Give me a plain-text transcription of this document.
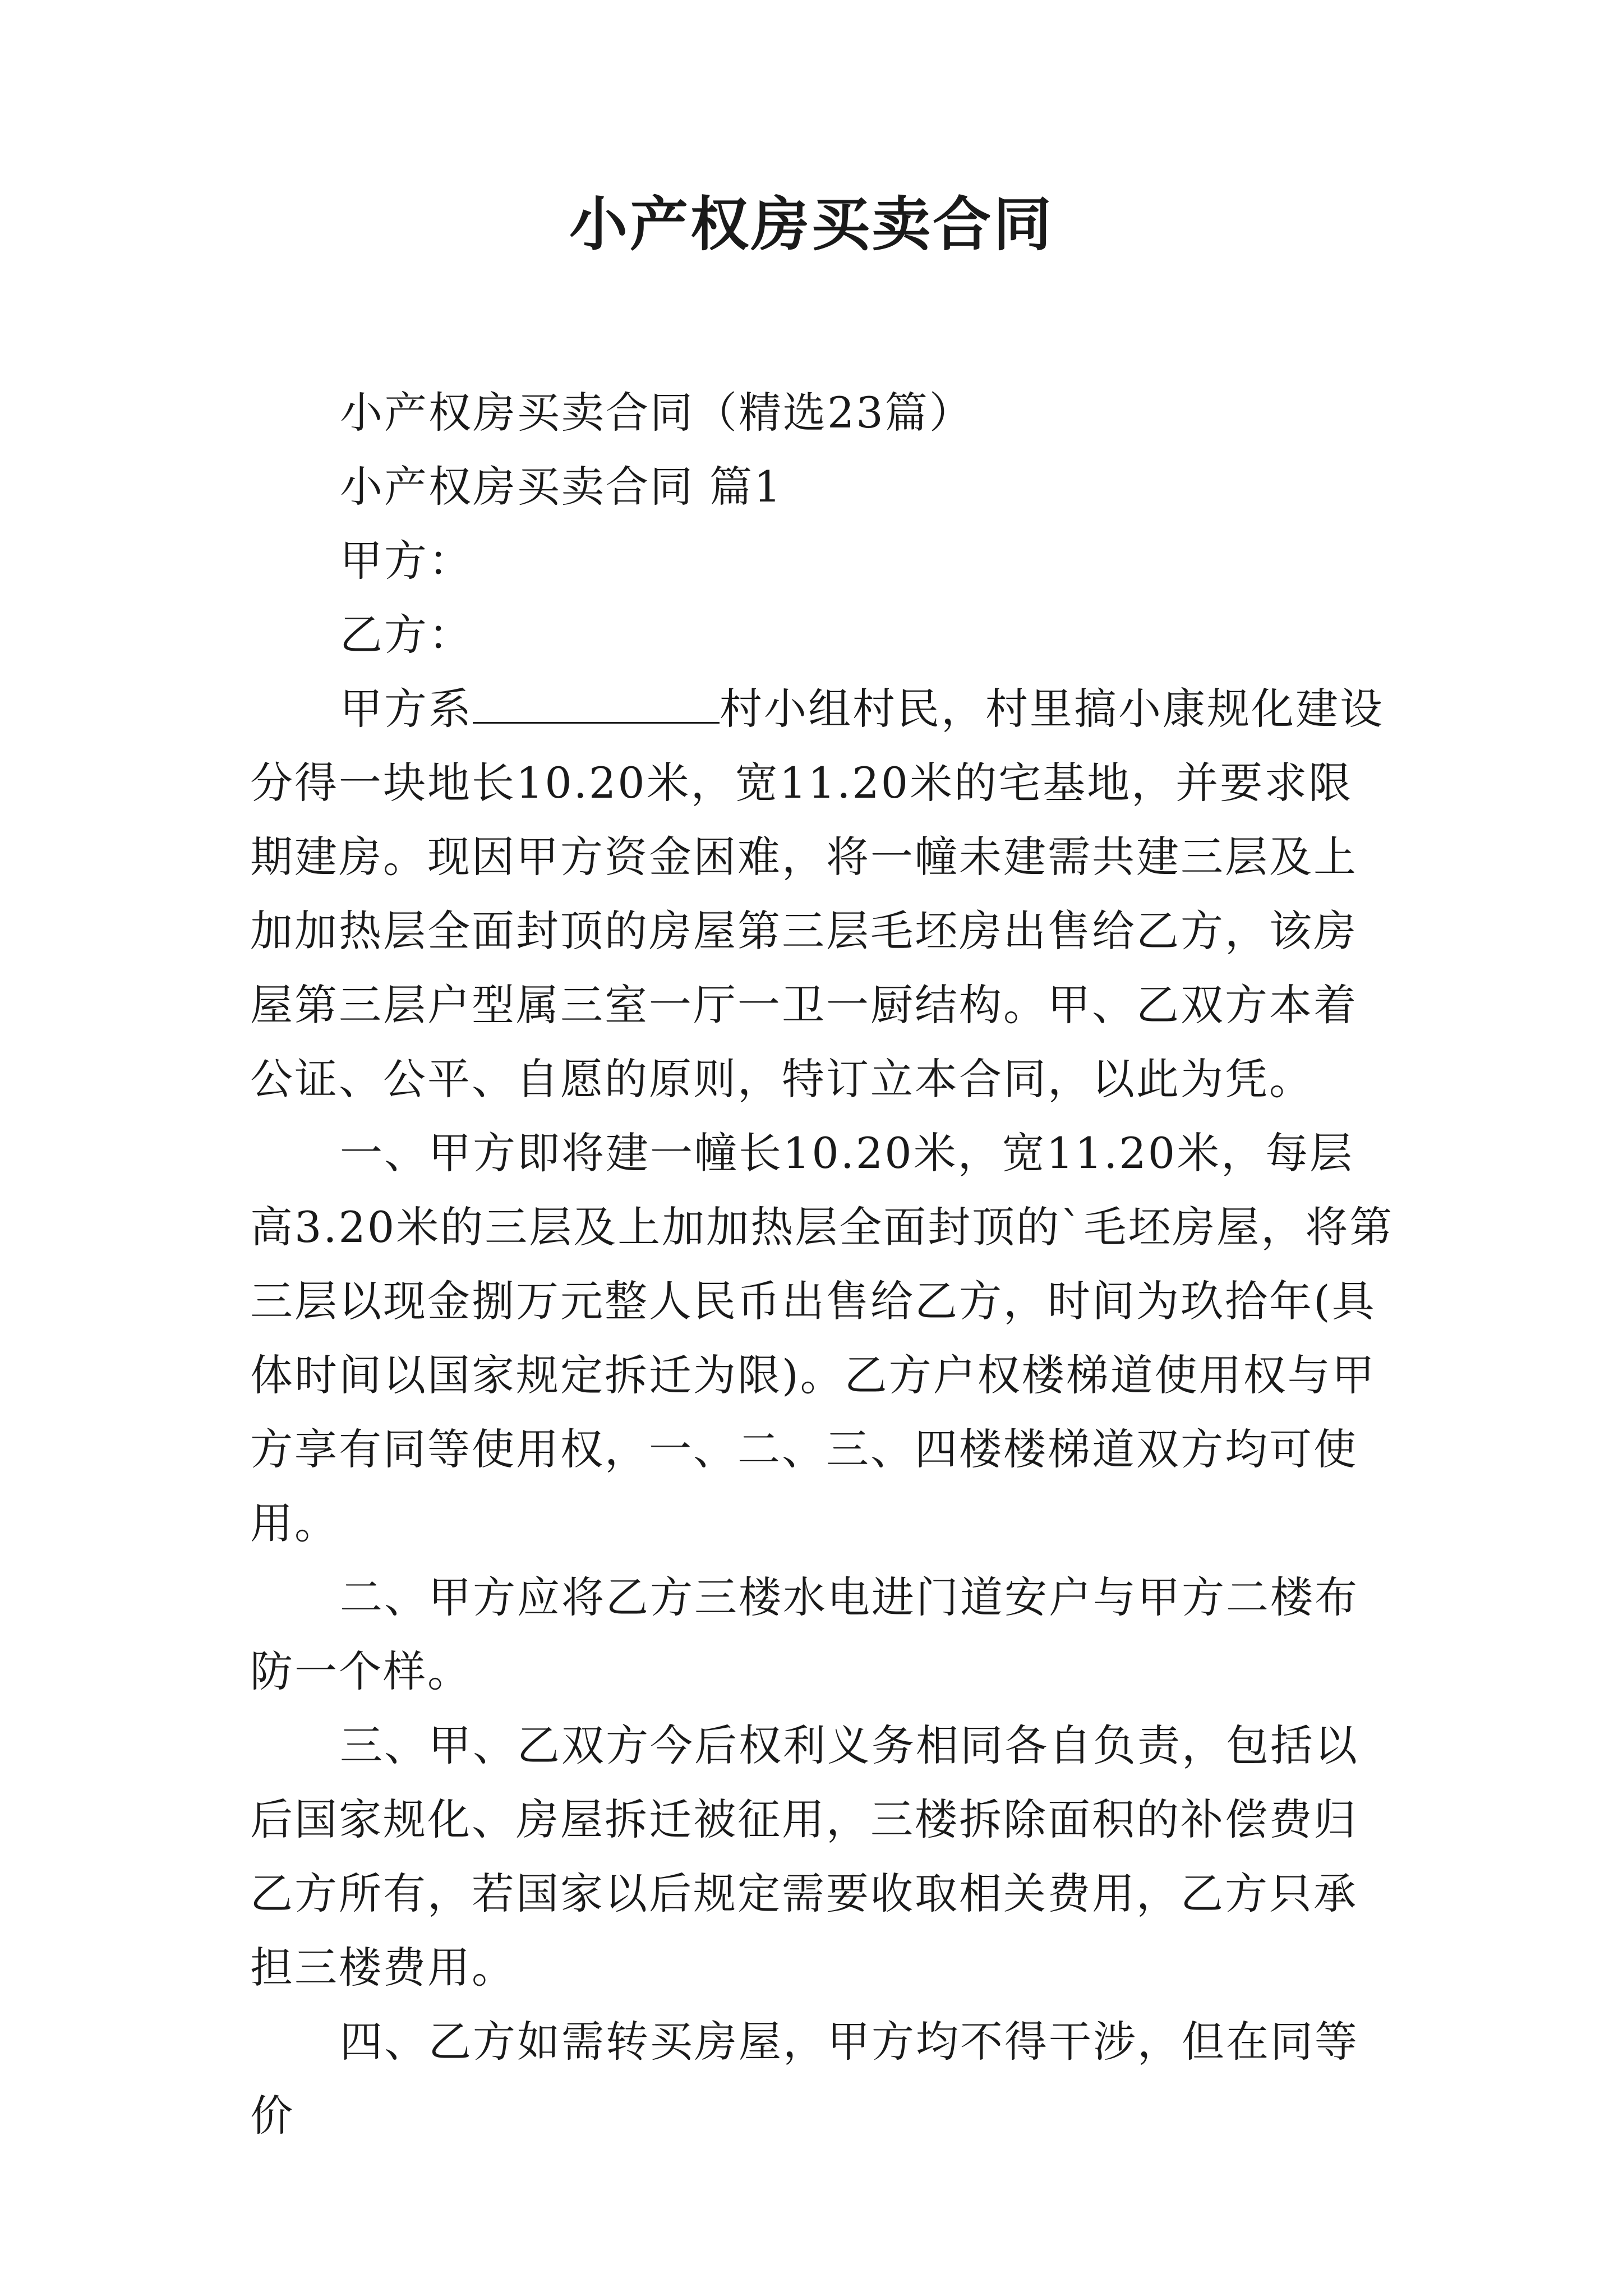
小产权房买卖合同

小产权房买卖合同（精选23篇）

小产权房买卖合同 篇1

甲方：

乙方：

甲方系	村小组村民，村里搞小康规化建设分得一块地长10.20米，宽11.20米的宅基地，并要求限期建房。现因甲方资金困难，将一幢未建需共建三层及上加加热层全面封顶的房屋第三层毛坯房出售给乙方，该房屋第三层户型属三室一厅一卫一厨结构。甲、乙双方本着公证、公平、自愿的原则，特订立本合同，以此为凭。

一、甲方即将建一幢长10.20米，宽11.20米，每层高3.20米的三层及上加加热层全面封顶的`毛坯房屋，将第三层以现金捌万元整人民币出售给乙方，时间为玖拾年(具体时间以国家规定拆迁为限)。乙方户权楼梯道使用权与甲方享有同等使用权，一、二、三、四楼楼梯道双方均可使用。

二、甲方应将乙方三楼水电进门道安户与甲方二楼布防一个样。

三、甲、乙双方今后权利义务相同各自负责，包括以后国家规化、房屋拆迁被征用，三楼拆除面积的补偿费归乙方所有，若国家以后规定需要收取相关费用，乙方只承担三楼费用。

四、乙方如需转买房屋，甲方均不得干涉，但在同等价
